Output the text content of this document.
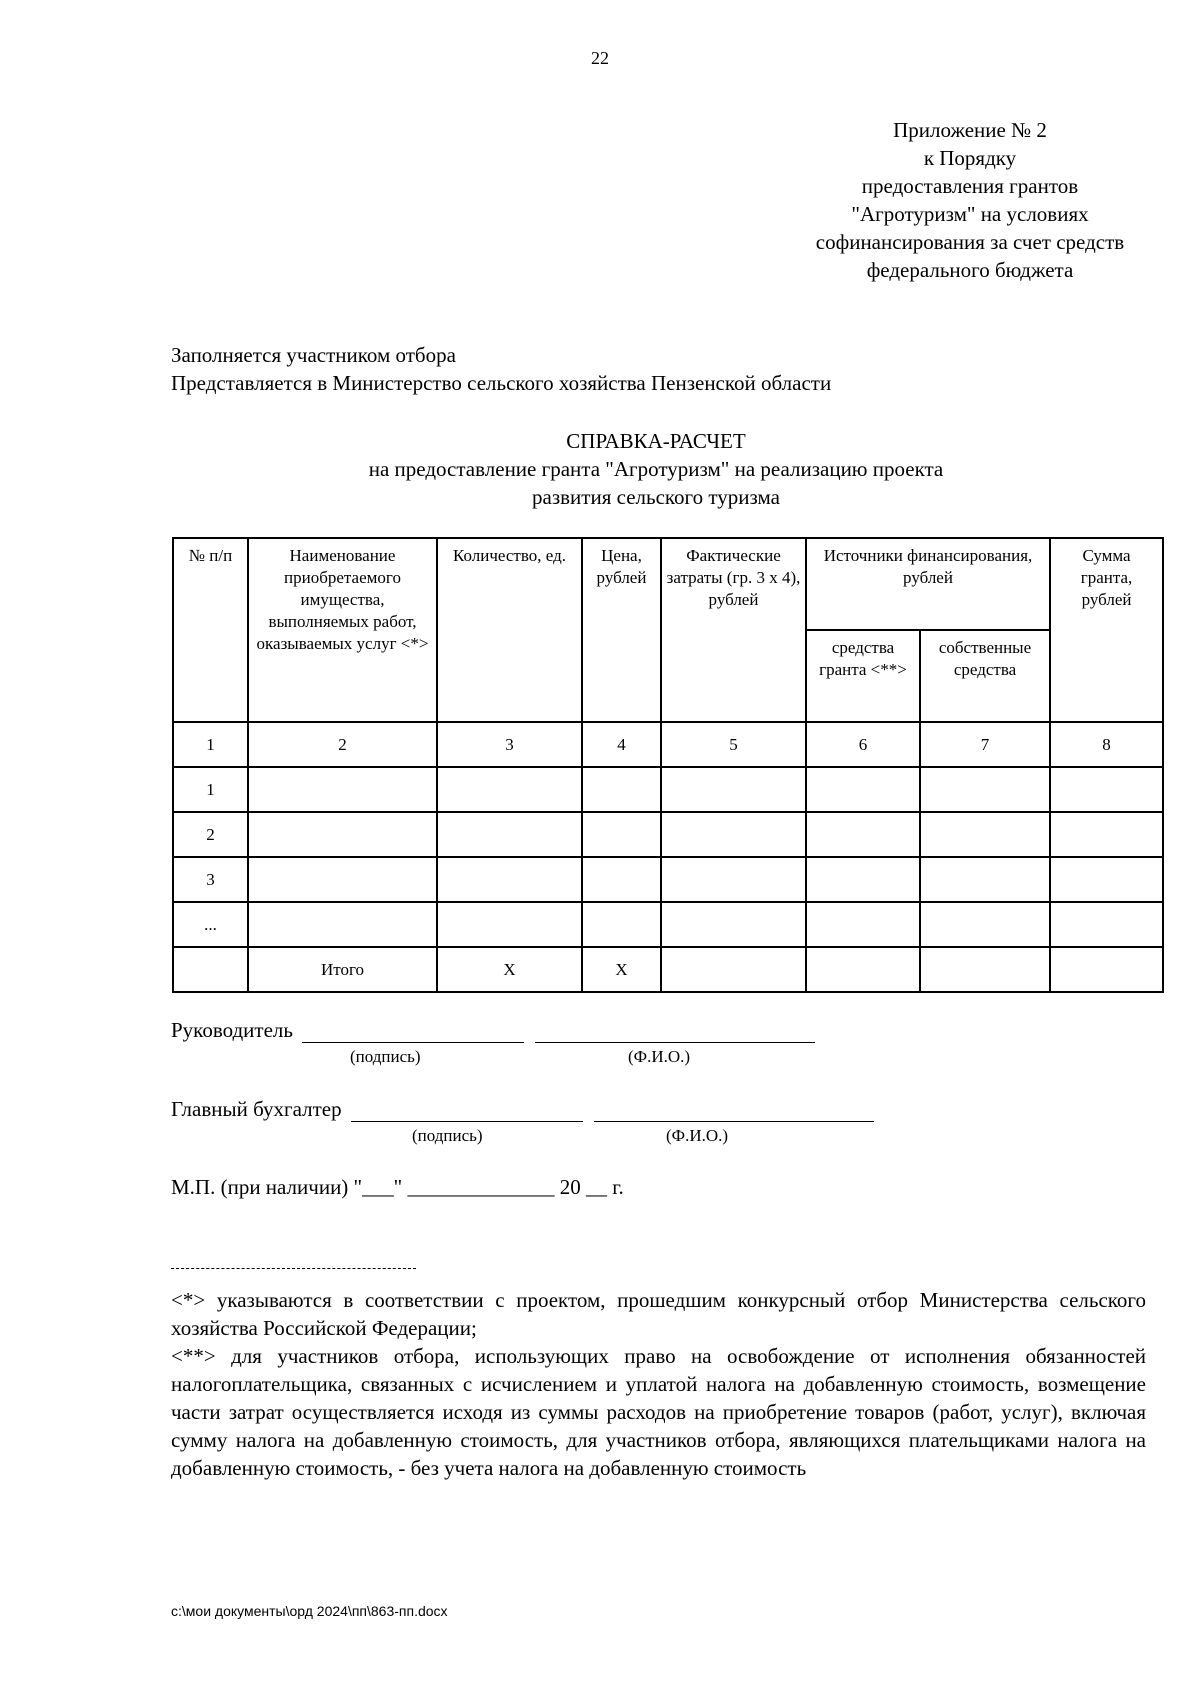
22
Приложение № 2
к Порядку
предоставления грантов
"Агротуризм" на условиях
софинансирования за счет средств
федерального бюджета
Заполняется участником отбора
Представляется в Министерство сельского хозяйства Пензенской области
СПРАВКА-РАСЧЕТ
на предоставление гранта "Агротуризм" на реализацию проекта
развития сельского туризма
№ п/п	Наименование приобретаемого имущества, выполняемых работ, оказываемых услуг <*>	Количество, ед.	Цена, рублей	Фактические затраты (гр. 3 x 4), рублей	Источники финансирования, рублей		Сумма гранта, рублей
					средства гранта <**>	собственные средства	
1	2	3	4	5	6	7	8
1							
2							
3							
...							
	Итого	X	X				
Руководитель
(подпись)	(Ф.И.О.)
Главный бухгалтер
(подпись)	(Ф.И.О.)
М.П. (при наличии) "___" ______________ 20 __ г.

<*> указываются в соответствии с проектом, прошедшим конкурсный отбор Министерства сельского хозяйства Российской Федерации;

<**> для участников отбора, использующих право на освобождение от исполнения обязанностей налогоплательщика, связанных с исчислением и уплатой налога на добавленную стоимость, возмещение части затрат осуществляется исходя из суммы расходов на приобретение товаров (работ, услуг), включая сумму налога на добавленную стоимость, для участников отбора, являющихся плательщиками налога на добавленную стоимость, - без учета налога на добавленную стоимость

c:\мои документы\орд 2024\пп\863-пп.docx
